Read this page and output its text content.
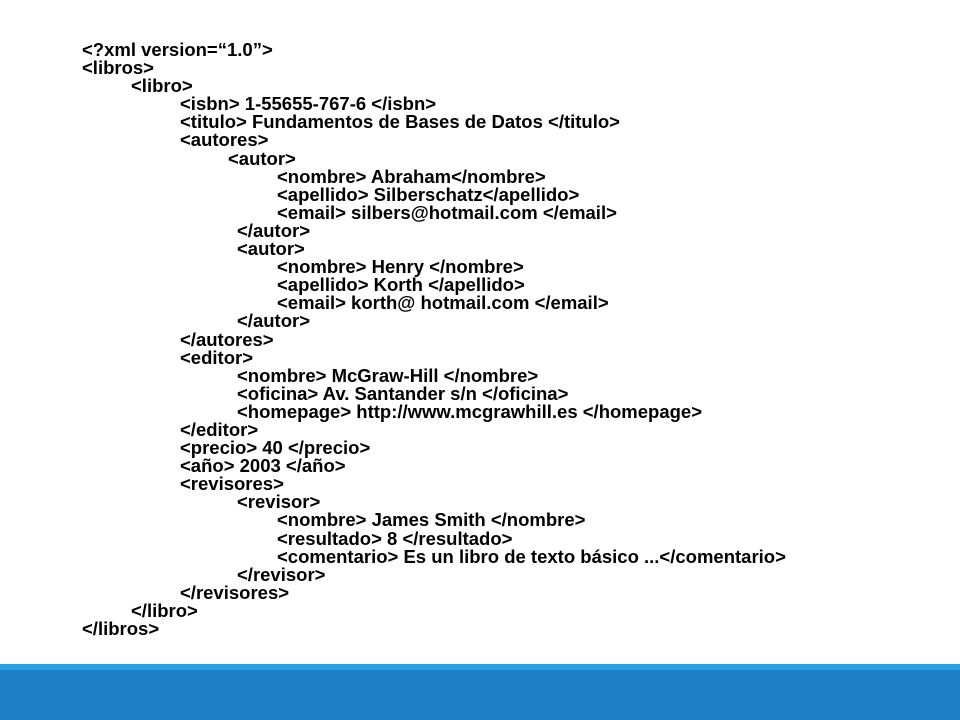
<?xml version=“1.0”>
<libros>
<libro>
<isbn> 1-55655-767-6 </isbn>
<titulo> Fundamentos de Bases de Datos </titulo>
<autores>
<autor>
<nombre> Abraham</nombre>
<apellido> Silberschatz</apellido>
<email> silbers@hotmail.com </email>
</autor>
<autor>
<nombre> Henry </nombre>
<apellido> Korth </apellido>
<email> korth@ hotmail.com </email>
</autor>
</autores>
<editor>
<nombre> McGraw-Hill </nombre>
<oficina> Av. Santander s/n </oficina>
<homepage> http://www.mcgrawhill.es </homepage>
</editor>
<precio> 40 </precio>
<año> 2003 </año>
<revisores>
<revisor>
<nombre> James Smith </nombre>
<resultado> 8 </resultado>
<comentario> Es un libro de texto básico ...</comentario>
</revisor>
</revisores>
</libro>
</libros>
